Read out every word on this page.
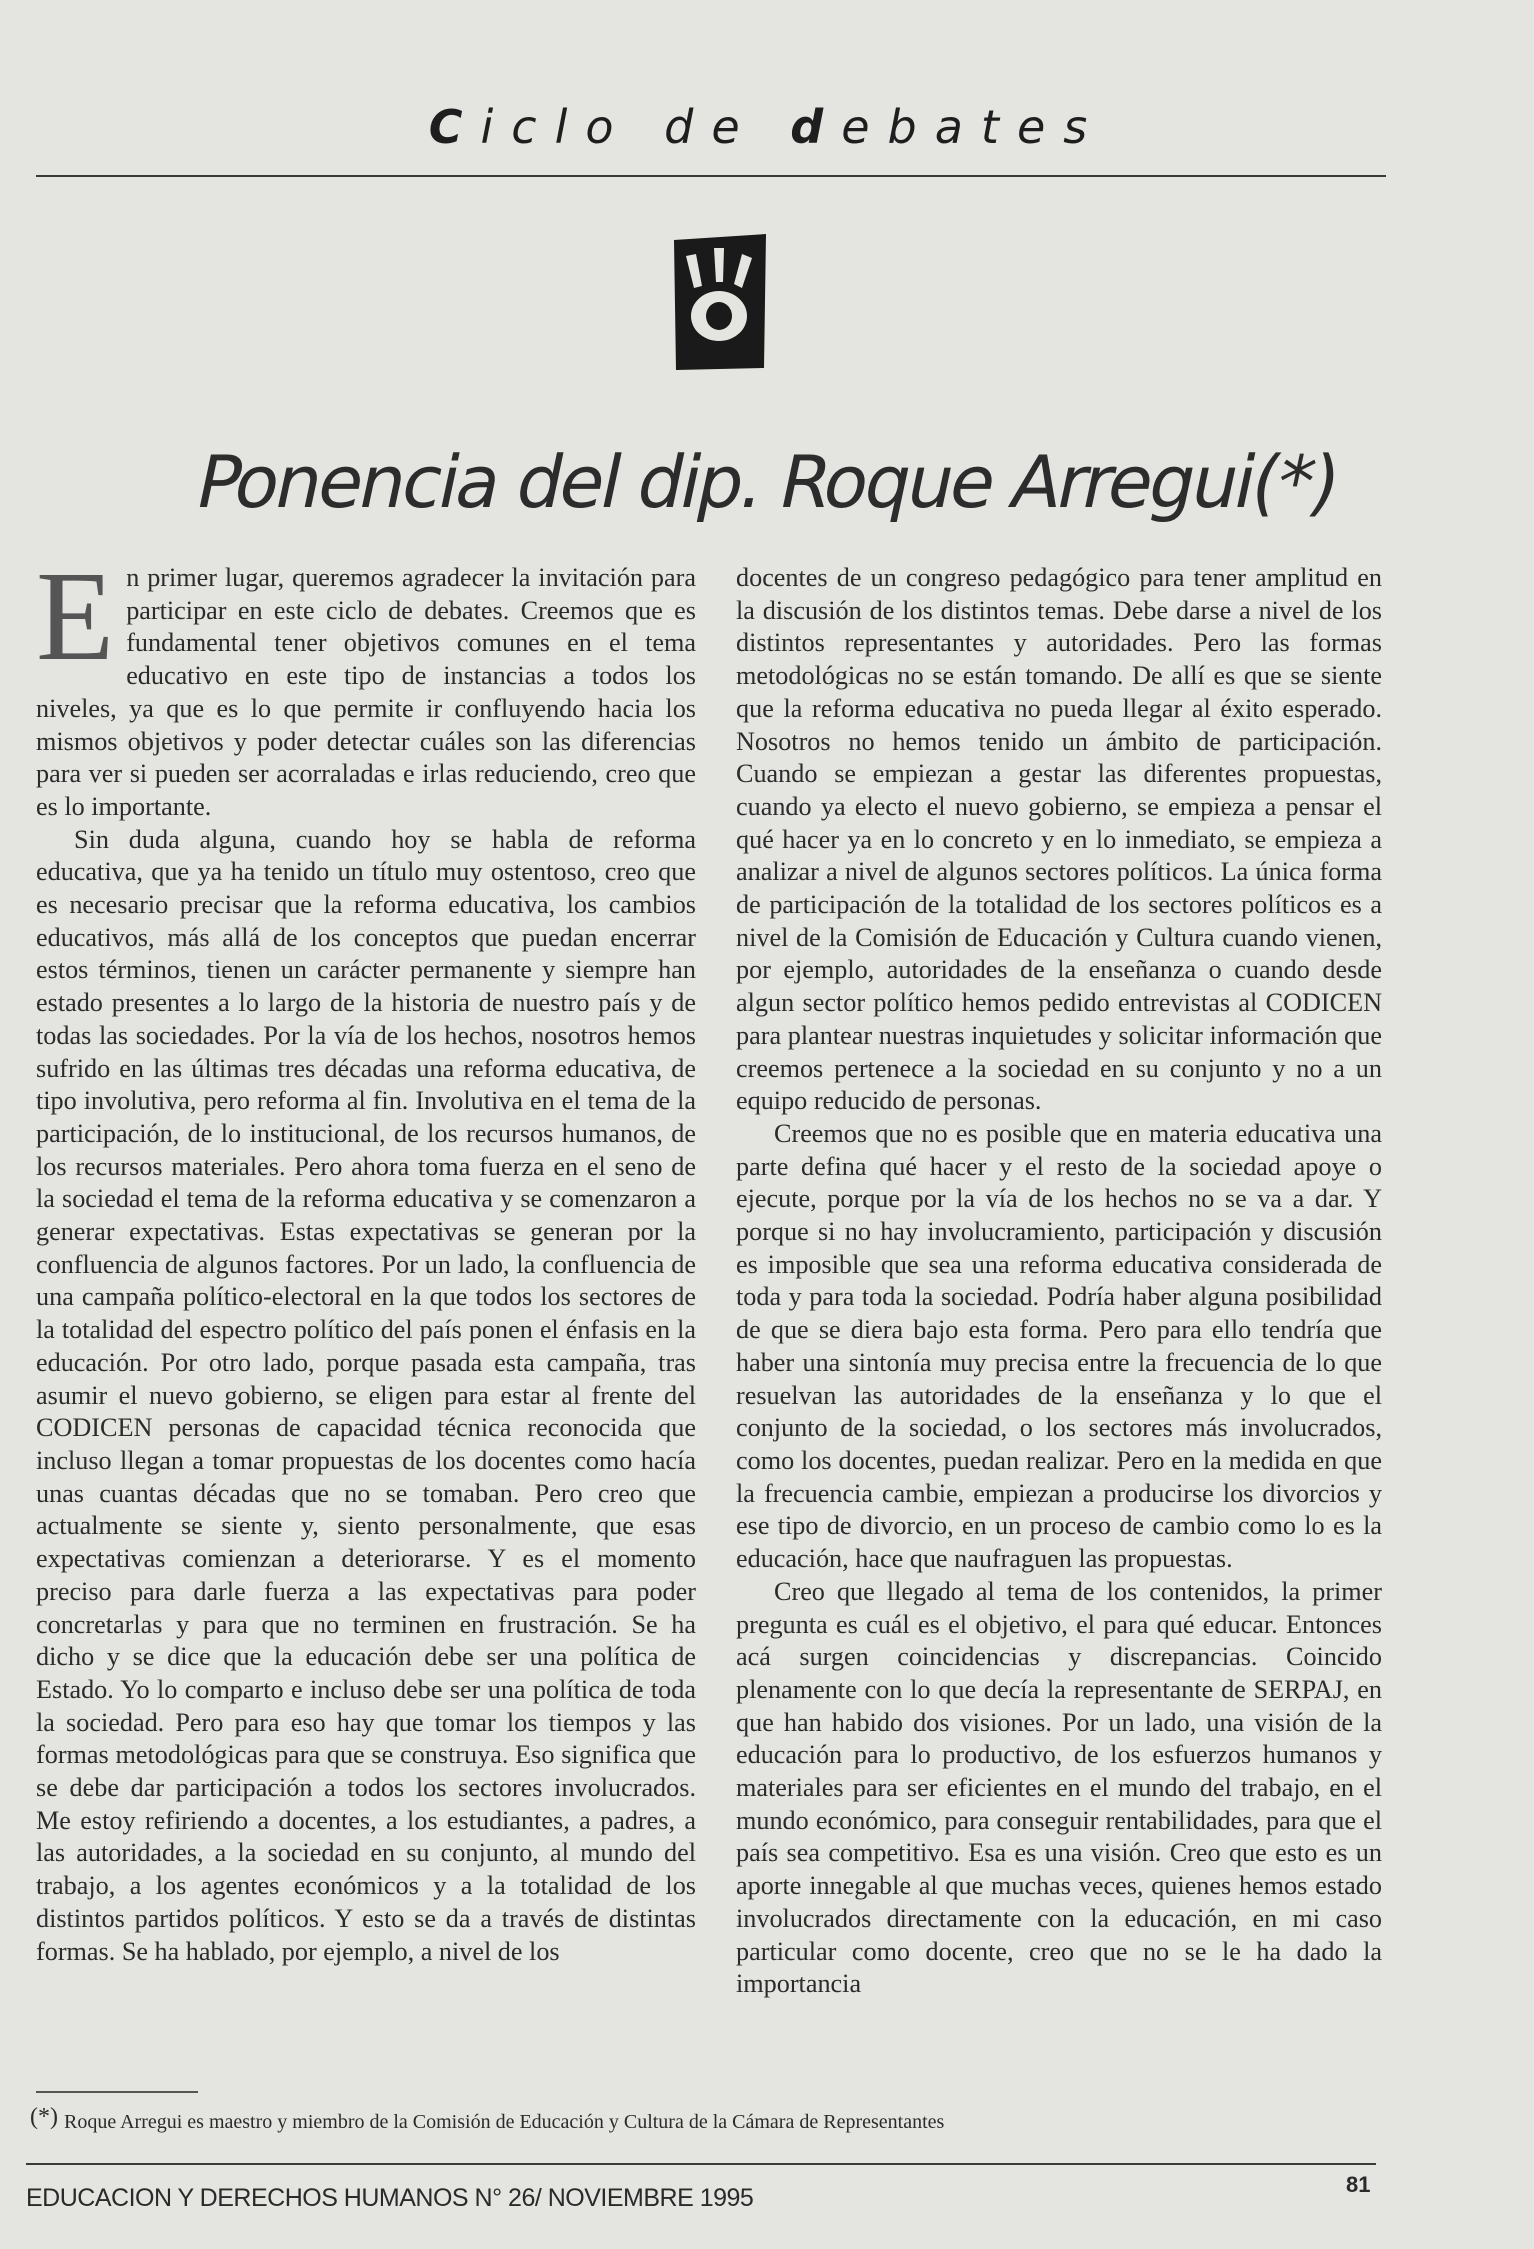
Ciclo de debates
Ponencia del dip. Roque Arregui(*)
E n primer lugar, queremos agradecer la invitación para participar en este ciclo de debates. Creemos que es fundamental tener objetivos comunes en el tema educativo en este tipo de instancias a todos los niveles, ya que es lo que permite ir confluyendo hacia los mismos objetivos y poder detectar cuáles son las diferencias para ver si pueden ser acorraladas e irlas reduciendo, creo que es lo importante.

Sin duda alguna, cuando hoy se habla de reforma educativa, que ya ha tenido un título muy ostentoso, creo que es necesario precisar que la reforma educativa, los cambios educativos, más allá de los conceptos que puedan encerrar estos términos, tienen un carácter permanente y siempre han estado presentes a lo largo de la historia de nuestro país y de todas las sociedades. Por la vía de los hechos, nosotros hemos sufrido en las últimas tres décadas una reforma educativa, de tipo involutiva, pero reforma al fin. Involutiva en el tema de la participación, de lo institucional, de los recursos humanos, de los recursos materiales. Pero ahora toma fuerza en el seno de la sociedad el tema de la reforma educativa y se comenzaron a generar expectativas. Estas expectativas se generan por la confluencia de algunos factores. Por un lado, la confluencia de una campaña político-electoral en la que todos los sectores de la totalidad del espectro político del país ponen el énfasis en la educación. Por otro lado, porque pasada esta campaña, tras asumir el nuevo gobierno, se eligen para estar al frente del CODICEN personas de capacidad técnica reconocida que incluso llegan a tomar propuestas de los docentes como hacía unas cuantas décadas que no se tomaban. Pero creo que actualmente se siente y, siento personalmente, que esas expectativas comienzan a deteriorarse. Y es el momento preciso para darle fuerza a las expectativas para poder concretarlas y para que no terminen en frustración. Se ha dicho y se dice que la educación debe ser una política de Estado. Yo lo comparto e incluso debe ser una política de toda la sociedad. Pero para eso hay que tomar los tiempos y las formas metodológicas para que se construya. Eso significa que se debe dar participación a todos los sectores involucrados. Me estoy refiriendo a docentes, a los estudiantes, a padres, a las autoridades, a la sociedad en su conjunto, al mundo del trabajo, a los agentes económicos y a la totalidad de los distintos partidos políticos. Y esto se da a través de distintas formas. Se ha hablado, por ejemplo, a nivel de los

docentes de un congreso pedagógico para tener amplitud en la discusión de los distintos temas. Debe darse a nivel de los distintos representantes y autoridades. Pero las formas metodológicas no se están tomando. De allí es que se siente que la reforma educativa no pueda llegar al éxito esperado. Nosotros no hemos tenido un ámbito de participación. Cuando se empiezan a gestar las diferentes propuestas, cuando ya electo el nuevo gobierno, se empieza a pensar el qué hacer ya en lo concreto y en lo inmediato, se empieza a analizar a nivel de algunos sectores políticos. La única forma de participación de la totalidad de los sectores políticos es a nivel de la Comisión de Educación y Cultura cuando vienen, por ejemplo, autoridades de la enseñanza o cuando desde algun sector político hemos pedido entrevistas al CODICEN para plantear nuestras inquietudes y solicitar información que creemos pertenece a la sociedad en su conjunto y no a un equipo reducido de personas.

Creemos que no es posible que en materia educativa una parte defina qué hacer y el resto de la sociedad apoye o ejecute, porque por la vía de los hechos no se va a dar. Y porque si no hay involucramiento, participación y discusión es imposible que sea una reforma educativa considerada de toda y para toda la sociedad. Podría haber alguna posibilidad de que se diera bajo esta forma. Pero para ello tendría que haber una sintonía muy precisa entre la frecuencia de lo que resuelvan las autoridades de la enseñanza y lo que el conjunto de la sociedad, o los sectores más involucrados, como los docentes, puedan realizar. Pero en la medida en que la frecuencia cambie, empiezan a producirse los divorcios y ese tipo de divorcio, en un proceso de cambio como lo es la educación, hace que naufraguen las propuestas.

Creo que llegado al tema de los contenidos, la primer pregunta es cuál es el objetivo, el para qué educar. Entonces acá surgen coincidencias y discrepancias. Coincido plenamente con lo que decía la representante de SERPAJ, en que han habido dos visiones. Por un lado, una visión de la educación para lo productivo, de los esfuerzos humanos y materiales para ser eficientes en el mundo del trabajo, en el mundo económico, para conseguir rentabilidades, para que el país sea competitivo. Esa es una visión. Creo que esto es un aporte innegable al que muchas veces, quienes hemos estado involucrados directamente con la educación, en mi caso particular como docente, creo que no se le ha dado la importancia

(*) Roque Arregui es maestro y miembro de la Comisión de Educación y Cultura de la Cámara de Representantes
EDUCACION Y DERECHOS HUMANOS N° 26/ NOVIEMBRE 1995	81
